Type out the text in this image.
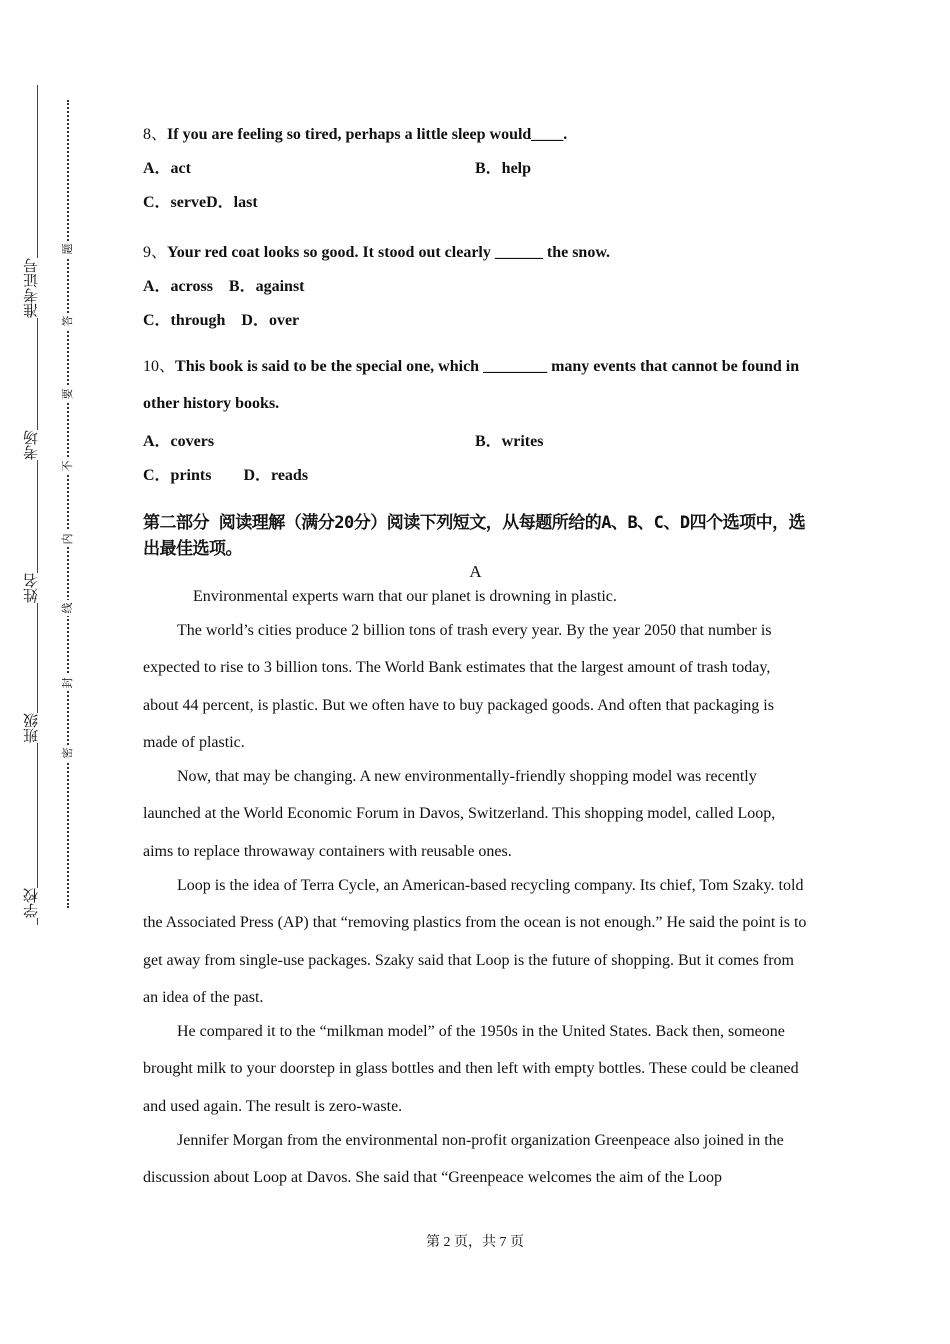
准考证号
考场
姓名
班级
学校
题
答
要
不
内
线
封
密
8、If you are feeling so tired, perhaps a little sleep would____.
A．act	B．help
C．serveD．last
9、Your red coat looks so good. It stood out clearly ______ the snow.
A．across　B．against
C．through　D．over
10、This book is said to be the special one, which ________ many events that cannot be found in other history books.
A．covers	B．writes
C．prints　　D．reads
第二部分 阅读理解（满分20分）阅读下列短文，从每题所给的A、B、C、D四个选项中，选出最佳选项。
A
Environmental experts warn that our planet is drowning in plastic.
The world’s cities produce 2 billion tons of trash every year. By the year 2050 that number is expected to rise to 3 billion tons. The World Bank estimates that the largest amount of trash today, about 44 percent, is plastic. But we often have to buy packaged goods. And often that packaging is made of plastic.
Now, that may be changing. A new environmentally-friendly shopping model was recently launched at the World Economic Forum in Davos, Switzerland. This shopping model, called Loop, aims to replace throwaway containers with reusable ones.
Loop is the idea of Terra Cycle, an American-based recycling company. Its chief, Tom Szaky. told the Associated Press (AP) that “removing plastics from the ocean is not enough.” He said the point is to get away from single-use packages. Szaky said that Loop is the future of shopping. But it comes from an idea of the past.
He compared it to the “milkman model” of the 1950s in the United States. Back then, someone brought milk to your doorstep in glass bottles and then left with empty bottles. These could be cleaned and used again. The result is zero-waste.
Jennifer Morgan from the environmental non-profit organization Greenpeace also joined in the discussion about Loop at Davos. She said that “Greenpeace welcomes the aim of the Loop
第 2 页，共 7 页
